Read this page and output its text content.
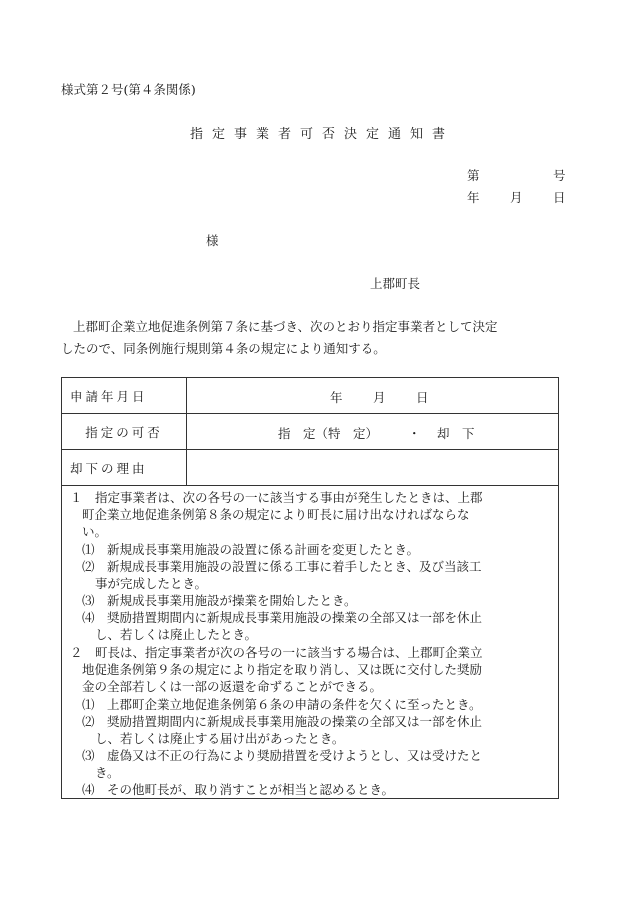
様式第２号(第４条関係)
指 定 事 業 者 可 否 決 定 通 知 書
第	号
年 月 日
様
上郡町長
上郡町企業立地促進条例第７条に基づき、次のとおり指定事業者として決定
したので、同条例施行規則第４条の規定により通知する。
申請年月日	年 月 日

指定の可否	指　定（特　定） ・ 却　下

却下の理由	
１　指定事業者は、次の各号の一に該当する事由が発生したときは、上郡
町企業立地促進条例第８条の規定により町長に届け出なければならな
い。
⑴　新規成長事業用施設の設置に係る計画を変更したとき。
⑵　新規成長事業用施設の設置に係る工事に着手したとき、及び当該工
事が完成したとき。
⑶　新規成長事業用施設が操業を開始したとき。
⑷　奨励措置期間内に新規成長事業用施設の操業の全部又は一部を休止
し、若しくは廃止したとき。
２　町長は、指定事業者が次の各号の一に該当する場合は、上郡町企業立
地促進条例第９条の規定により指定を取り消し、又は既に交付した奨励
金の全部若しくは一部の返還を命ずることができる。
⑴　上郡町企業立地促進条例第６条の申請の条件を欠くに至ったとき。
⑵　奨励措置期間内に新規成長事業用施設の操業の全部又は一部を休止
し、若しくは廃止する届け出があったとき。
⑶　虚偽又は不正の行為により奨励措置を受けようとし、又は受けたと
き。
⑷　その他町長が、取り消すことが相当と認めるとき。
